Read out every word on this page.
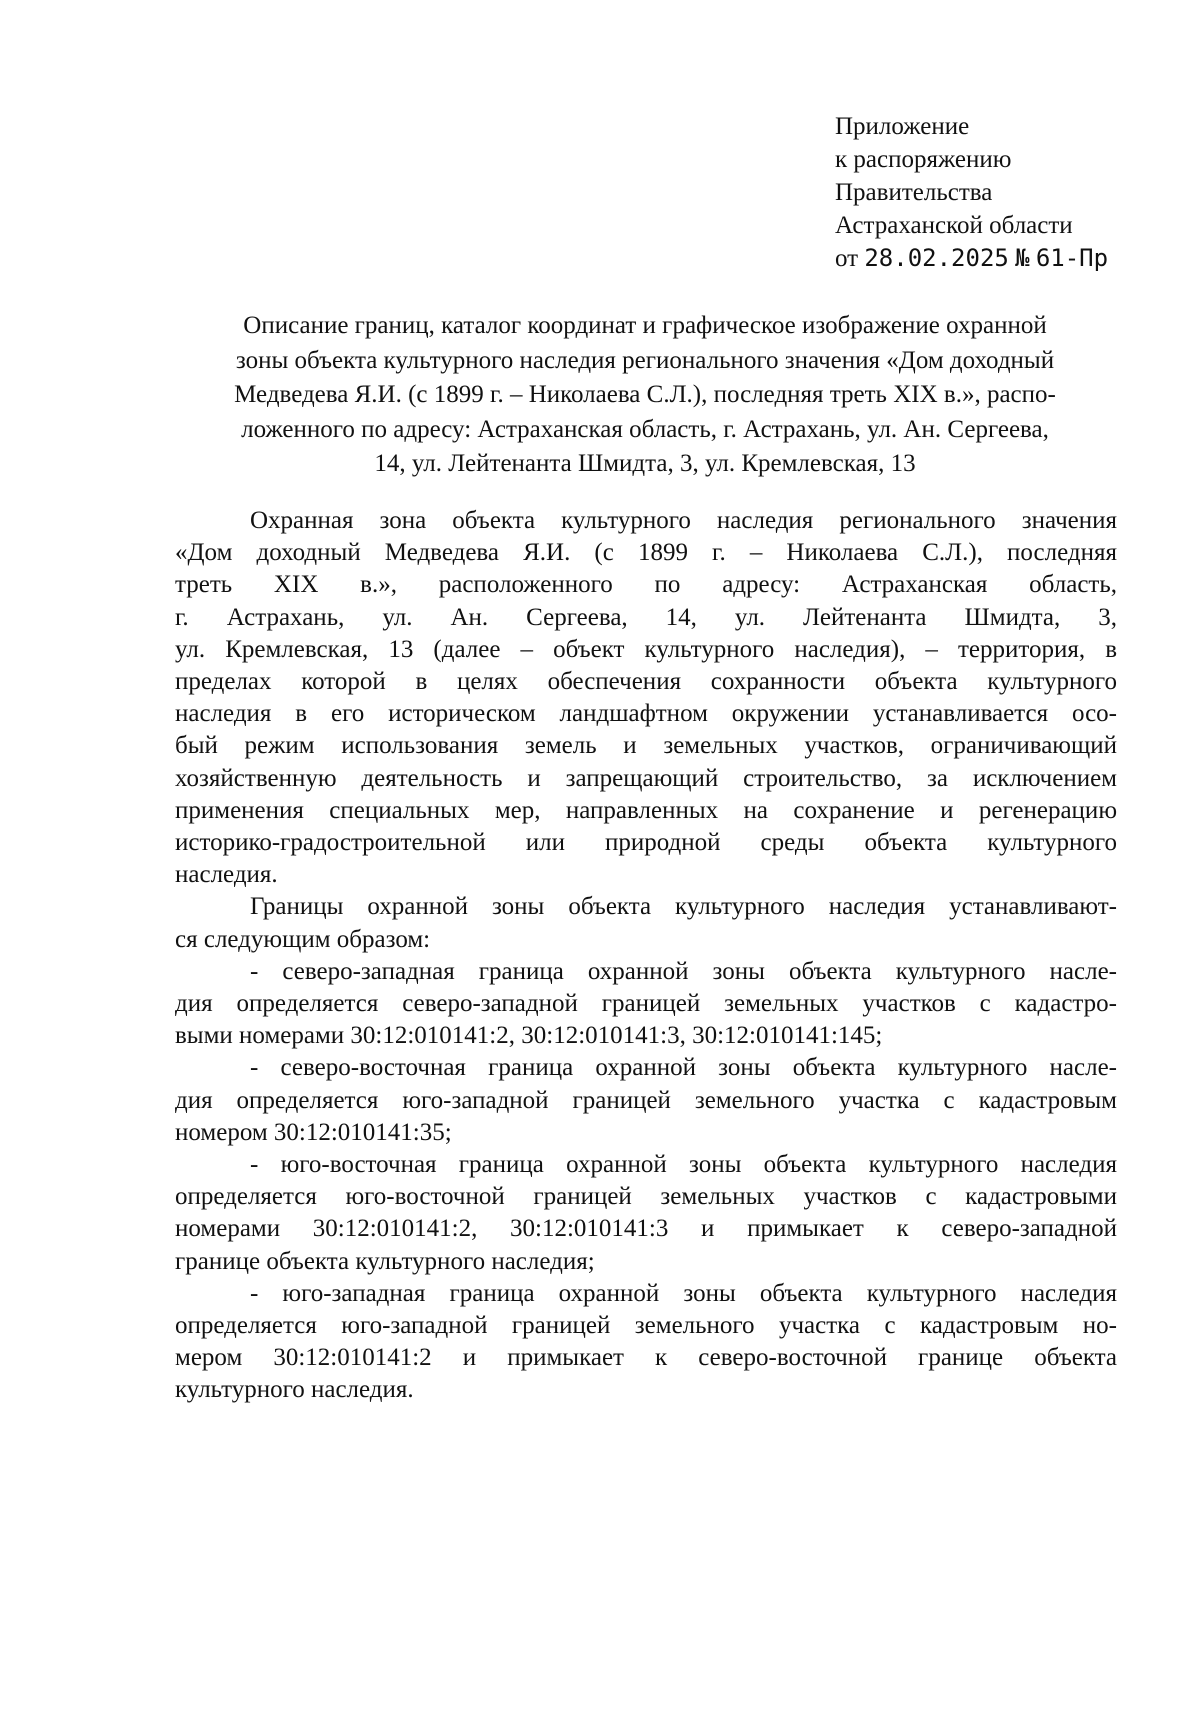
Приложение
к распоряжению
Правительства
Астраханской области
от 28.02.2025 № 61-Пр
Описание границ, каталог координат и графическое изображение охранной
зоны объекта культурного наследия регионального значения «Дом доходный
Медведева Я.И. (с 1899 г. – Николаева С.Л.), последняя треть XIX в.», распо-
ложенного по адресу: Астраханская область, г. Астрахань, ул. Ан. Сергеева,
14, ул. Лейтенанта Шмидта, 3, ул. Кремлевская, 13
Охранная зона объекта культурного наследия регионального значения
«Дом доходный Медведева Я.И. (с 1899 г. – Николаева С.Л.), последняя
треть XIX в.», расположенного по адресу: Астраханская область,
г. Астрахань, ул. Ан. Сергеева, 14, ул. Лейтенанта Шмидта, 3,
ул. Кремлевская, 13 (далее – объект культурного наследия), – территория, в
пределах которой в целях обеспечения сохранности объекта культурного
наследия в его историческом ландшафтном окружении устанавливается осо-
бый режим использования земель и земельных участков, ограничивающий
хозяйственную деятельность и запрещающий строительство, за исключением
применения специальных мер, направленных на сохранение и регенерацию
историко-градостроительной или природной среды объекта культурного
наследия.
Границы охранной зоны объекта культурного наследия устанавливают-
ся следующим образом:
- северо-западная граница охранной зоны объекта культурного насле-
дия определяется северо-западной границей земельных участков с кадастро-
выми номерами 30:12:010141:2, 30:12:010141:3, 30:12:010141:145;
- северо-восточная граница охранной зоны объекта культурного насле-
дия определяется юго-западной границей земельного участка с кадастровым
номером 30:12:010141:35;
- юго-восточная граница охранной зоны объекта культурного наследия
определяется юго-восточной границей земельных участков с кадастровыми
номерами 30:12:010141:2, 30:12:010141:3 и примыкает к северо-западной
границе объекта культурного наследия;
- юго-западная граница охранной зоны объекта культурного наследия
определяется юго-западной границей земельного участка с кадастровым но-
мером 30:12:010141:2 и примыкает к северо-восточной границе объекта
культурного наследия.
